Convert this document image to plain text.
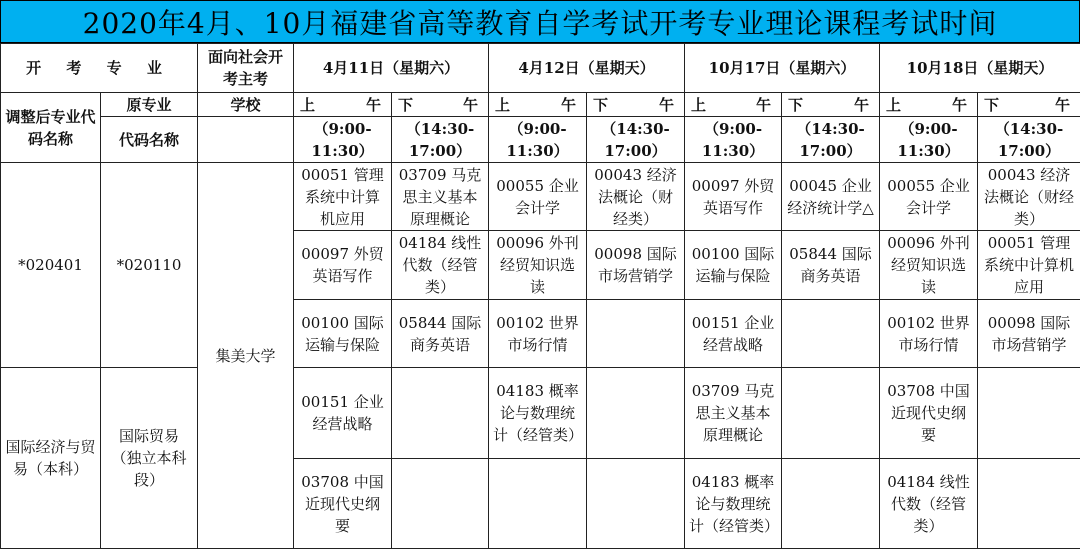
2020年4月、10月福建省高等教育自学考试开考专业理论课程考试时间
开 考 专 业		面向社会开考主考	4月11日（星期六）		4月12日（星期天）		10月17日（星期六）		10月18日（星期天）	
调整后专业代码名称	原专业	学校	上 午	下 午	上 午	下 午	上 午	下 午	上 午	下 午

	代码名称		（9:00-11:30）	（14:30-17:00）	（9:00-11:30）	（14:30-17:00）	（9:00-11:30）	（14:30-17:00）	（9:00-11:30）	（14:30-17:00）
*020401	*020110	集美大学	00051 管理系统中计算机应用	03709 马克思主义基本原理概论	00055 企业会计学	00043 经济法概论（财经类）	00097 外贸英语写作	00045 企业经济统计学△	00055 企业会计学	00043 经济法概论（财经类）
			00097 外贸英语写作	04184 线性代数（经管类）	00096 外刊经贸知识选读	00098 国际市场营销学	00100 国际运输与保险	05844 国际商务英语	00096 外刊经贸知识选读	00051 管理系统中计算机应用
			00100 国际运输与保险	05844 国际商务英语	00102 世界市场行情		00151 企业经营战略		00102 世界市场行情	00098 国际市场营销学
国际经济与贸易（本科）	国际贸易（独立本科段）		00151 企业经营战略		04183 概率论与数理统计（经管类）		03709 马克思主义基本原理概论		03708 中国近现代史纲要	
			03708 中国近现代史纲要				04183 概率论与数理统计（经管类）		04184 线性代数（经管类）	
